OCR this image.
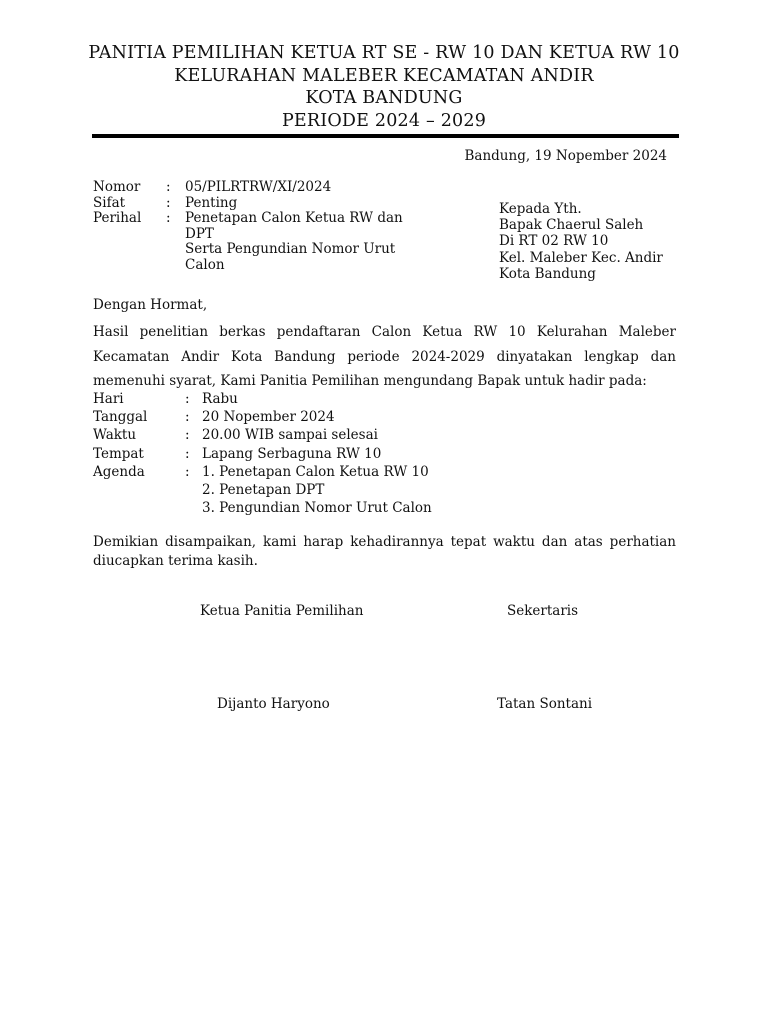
PANITIA PEMILIHAN KETUA RT SE - RW 10 DAN KETUA RW 10
KELURAHAN MALEBER KECAMATAN ANDIR
KOTA BANDUNG
PERIODE 2024 – 2029
Bandung, 19 Nopember 2024
Nomor	:	05/PILRTRW/XI/2024
Sifat	:	Penting
Perihal	:	Penetapan Calon Ketua RW dan DPT
Serta Pengundian Nomor Urut Calon
Kepada Yth.
Bapak Chaerul Saleh
Di RT 02 RW 10
Kel. Maleber Kec. Andir
Kota Bandung
Dengan Hormat,
Hasil penelitian berkas pendaftaran Calon Ketua RW 10 Kelurahan Maleber Kecamatan Andir Kota Bandung periode 2024-2029 dinyatakan lengkap dan memenuhi syarat, Kami Panitia Pemilihan mengundang Bapak untuk hadir pada:
Hari	: Rabu
Tanggal	: 20 Nopember 2024
Waktu	: 20.00 WIB sampai selesai
Tempat	: Lapang Serbaguna RW 10
Agenda	: 1. Penetapan Calon Ketua RW 10
2. Penetapan DPT
3. Pengundian Nomor Urut Calon
Demikian disampaikan, kami harap kehadirannya tepat waktu dan atas perhatian diucapkan terima kasih.
Ketua Panitia Pemilihan	Sekertaris
Dijanto Haryono	Tatan Sontani
